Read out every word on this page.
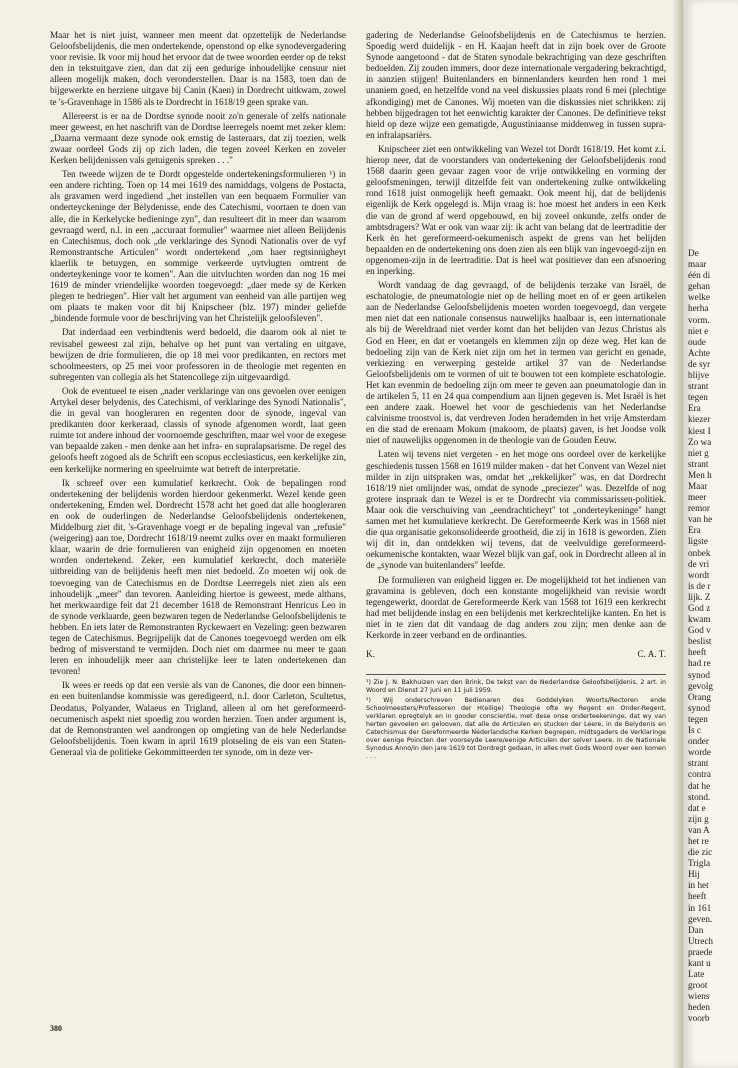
Maar het is niet juist, wanneer men meent dat opzettelijk de Nederlandse Geloofsbelijdenis, die men ondertekende, openstond op elke synodevergadering voor revisie. Ik voor mij houd het ervoor dat de twee woorden eerder op de tekst den in tekstuitgave zien, dan dat zij een gedurige inhoudelijke censuur niet alleen mogelijk maken, doch veronderstellen. Daar is na 1583, toen dan de bijgewerkte en herziene uitgave bij Canin (Kaen) in Dordrecht uitkwam, zowel te 's-Gravenhage in 1586 als te Dordrecht in 1618/19 geen sprake van.

Allereerst is er na de Dordtse synode nooit zo'n generale of zelfs nationale meer geweest, en het naschrift van de Dordtse leerregels noemt met zeker klem: „Daarna vermaant deze synode ook ernstig de lasteraars, dat zij toezien, welk zwaar oordeel Gods zij op zich laden, die tegen zoveel Kerken en zoveler Kerken belijdenissen vals getuigenis spreken . . ."

Ten tweede wijzen de te Dordt opgestelde ondertekeningsformulieren ¹) in een andere richting. Toen op 14 mei 1619 des namiddags, volgens de Postacta, als gravamen werd ingediend „het instellen van een bequaem Formulier van onderteyckeninge der Belydenisse, ende des Catechismi, voortaen te doen van alle, die in Kerkelycke bedieninge zyn", dan resulteert dit in meer dan waarom gevraagd werd, n.l. in een „accuraat formulier" waarmee niet alleen Belijdenis en Catechismus, doch ook „de verklaringe des Synodi Nationalis over de vyf Remonstrantsche Articulen" wordt ondertekend „om haer regtsinnigheyt klaerlik te betuygen, en sommige verkeerde uytvlugten omtrent de onderteykeninge voor te komen". Aan die uitvluchten worden dan nog 16 mei 1619 de minder vriendelijke woorden toegevoegd: „daer mede sy de Kerken plegen te bedriegen". Hier valt het argument van eenheid van alle partijen weg om plaats te maken voor dit bij Knipscheer (blz. 197) minder geliefde „bindende formule voor de beschrijving van het Christelijk geloofsleven".

Dat inderdaad een verbindtenis werd bedoeld, die daarom ook al niet te revisabel geweest zal zijn, behalve op het punt van vertaling en uitgave, bewijzen de drie formulieren, die op 18 mei voor predikanten, en rectors met schoolmeesters, op 25 mei voor professoren in de theologie met regenten en subregenten van collegia als het Statencollege zijn uitgevaardigd.

Ook de eventueel te eisen „nader verklaringe van ons gevoelen over eenigen Artykel deser belydenis, des Catechismi, of verklaringe des Synodi Nationalis", die in geval van hoogleraren en regenten door de synode, ingeval van predikanten door kerkeraad, classis of synode afgenomen wordt, laat geen ruimte tot andere inhoud der voornoemde geschriften, maar wel voor de exegese van bepaalde zaken - men denke aan het infra- en supralapsarisme. De regel des geloofs heeft zogoed als de Schrift een scopus ecclesiasticus, een kerkelijke zin, een kerkelijke normering en speelruimte wat betreft de interpretatie.

Ik schreef over een kumulatief kerkrecht. Ook de bepalingen rond ondertekening der belijdenis worden hierdoor gekenmerkt. Wezel kende geen ondertekening, Emden wel. Dordrecht 1578 acht het goed dat alle hoogleraren en ook de ouderlingen de Nederlandse Geloofsbelijdenis ondertekenen, Middelburg ziet dit, 's-Gravenhage voegt er de bepaling ingeval van „refusie" (weigering) aan toe, Dordrecht 1618/19 neemt zulks over en maakt formulieren klaar, waarin de drie formulieren van enigheid zijn opgenomen en moeten worden ondertekend. Zeker, een kumulatief kerkrecht, doch materiële uitbreiding van de belijdenis heeft men niet bedoeld. Zo moeten wij ook de toevoeging van de Catechismus en de Dordtse Leerregels niet zien als een inhoudelijk „meer" dan tevoren. Aanleiding hiertoe is geweest, mede althans, het merkwaardige feit dat 21 december 1618 de Remonstrant Henricus Leo in de synode verklaarde, geen bezwaren tegen de Nederlandse Geloofsbelijdenis te hebben. En iets later de Remonstranten Ryckewaert en Vezeling: geen bezwaren tegen de Catechismus. Begrijpelijk dat de Canones toegevoegd werden om elk bedrog of misverstand te vermijden. Doch niet om daarmee nu meer te gaan leren en inhoudelijk meer aan christelijke leer te laten ondertekenen dan tevoren!

Ik wees er reeds op dat een versie als van de Canones, die door een binnen- en een buitenlandse kommissie was geredigeerd, n.l. door Carleton, Scultetus, Deodatus, Polyander, Walaeus en Trigland, alleen al om het gereformeerd-oecumenisch aspekt niet spoedig zou worden herzien. Toen ander argument is, dat de Remonstranten wel aandrongen op omgieting van de hele Nederlandse Geloofsbelijdenis. Toen kwam in april 1619 plotseling de eis van een Staten-Generaal via de politieke Gekommitteerden ter synode, om in deze ver-

gadering de Nederlandse Geloofsbelijdenis en de Catechismus te herzien. Spoedig werd duidelijk - en H. Kaajan heeft dat in zijn boek over de Groote Synode aangetoond - dat de Staten synodale bekrachtiging van deze geschriften bedoelden. Zij zouden immers, door deze internationale vergadering bekrachtigd, in aanzien stijgen! Buitenlanders en binnenlanders keurden hen rond 1 mei unaniem goed, en hetzelfde vond na veel diskussies plaats rond 6 mei (plechtige afkondiging) met de Canones. Wij moeten van die diskussies niet schrikken: zij hebben bijgedragen tot het eenwichtig karakter der Canones. De definitieve tekst hield op deze wijze een gematigde, Augustiniaanse middenweg in tussen supra- en infralapsariërs.

Knipscheer ziet een ontwikkeling van Wezel tot Dordt 1618/19. Het komt z.i. hierop neer, dat de voorstanders van ondertekening der Geloofsbelijdenis rond 1568 daarin geen gevaar zagen voor de vrije ontwikkeling en vorming der geloofsmeningen, terwijl ditzelfde feit van ondertekening zulke ontwikkeling rond 1618 juist onmogelijk heeft gemaakt. Ook meent hij, dat de belijdenis eigenlijk de Kerk opgelegd is. Mijn vraag is: hoe moest het anders in een Kerk die van de grond af werd opgebouwd, en bij zoveel onkunde, zelfs onder de ambtsdragers? Wat er ook van waar zij: ik acht van belang dat de leertraditie der Kerk èn het gereformeerd-oekumenisch aspekt de grens van het belijden bepaalden en de ondertekening ons doen zien als een blijk van ingevoegd-zijn en opgenomen-zijn in de leertraditie. Dat is heel wat positiever dan een afsnoering en inperking.

Wordt vandaag de dag gevraagd, of de belijdenis terzake van Israël, de eschatologie, de pneumatologie niet op de helling moet en of er geen artikelen aan de Nederlandse Geloofsbelijdenis moeten worden toegevoegd, dan vergete men niet dat een nationale consensus nauwelijks haalbaar is, een internationale als bij de Wereldraad niet verder komt dan het belijden van Jezus Christus als God en Heer, en dat er voetangels en klemmen zijn op deze weg. Het kan de bedoeling zijn van de Kerk niet zijn om het in termen van gericht en genade, verkiezing en verwerping gestelde artikel 37 van de Nederlandse Geloofsbelijdenis om te vormen of uit te bouwen tot een komplete eschatologie. Het kan evenmin de bedoeling zijn om meer te geven aan pneumatologie dan in de artikelen 5, 11 en 24 qua compendium aan lijnen gegeven is. Met Israël is het een andere zaak. Hoewel het voor de geschiedenis van het Nederlandse calvinisme troostvol is, dat verdreven Joden herademden in het vrije Amsterdam en die stad de erenaam Mokum (makoom, de plaats) gaven, is het Joodse volk niet of nauwelijks opgenomen in de theologie van de Gouden Eeuw.

Laten wij tevens niet vergeten - en het moge ons oordeel over de kerkelijke geschiedenis tussen 1568 en 1619 milder maken - dat het Convent van Wezel niet milder in zijn uitspraken was, omdat het „rekkelijker" was, en dat Dordrecht 1618/19 niet omlijnder was, omdat de synode „preciezer" was. Dezelfde of nog grotere inspraak dan te Wezel is er te Dordrecht via commissarissen-politiek. Maar ook die verschuiving van „eendrachticheyt" tot „onderteykeninge" hangt samen met het kumulatieve kerkrecht. De Gereformeerde Kerk was in 1568 niet die qua organisatie gekonsolideerde grootheid, die zij in 1618 is geworden. Zien wij dit in, dan ontdekken wij tevens, dat de veelvuldige gereformeerd-oekumenische kontakten, waar Wezel blijk van gaf, ook in Dordrecht alleen al in de „synode van buitenlanders" leefde.

De formulieren van enigheid liggen er. De mogelijkheid tot het indienen van gravamina is gebleven, doch een konstante mogelijkheid van revisie wordt tegengewerkt, doordat de Gereformeerde Kerk van 1568 tot 1619 een kerkrecht had met belijdende inslag en een belijdenis met kerkrechtelijke kanten. En het is niet in te zien dat dit vandaag de dag anders zou zijn; men denke aan de Kerkorde in zeer verband en de ordinanties.

K.	C. A. T.

¹) Zie J. N. Bakhuizen van den Brink, De tekst van de Nederlandse Geloofsbelijdenis, 2 art. in Woord en Dienst 27 juni en 11 juli 1959.

²) Wij onderschreven Bedienaren des Goddelyken Woorts/Rectoren ende Schoolmeesters/Professoren der H(eilige) Theologie ofte wy Regent en Onder-Regent, verklaren opregtelyk en in gooder conscientie, met dese onse onderteekeninge, dat wy van herten gevoelen en gelooven, dat alle de Articulen en stucken der Leere, in de Belydenis en Catechismus der Gereformeerde Nederlandsche Kerken begrepen, midtsgaders de Verklaringe over eenige Poincten der voorseyde Leere/eenige Articulen der selver Leere, in de Nationale Synodus Anno/in den jare 1619 tot Dordregt gedaan, in alles met Gods Woord over een komen . . .

380
De
maar
één di
gehan
welke
herha
vorm.
niet e
oude
Achte
de syr
blijve
strant
tegen
Era
kiezer
kiest I
Zo wa
niet g
strant
Men h
Maar
meer
remor
van he
Era
ligste
onbek
de vri
wordt
is de r
lijk. Z
God z
kwam
God v
beslist
heeft
had re
synod
gevolg
Orang
synod
tegen
Is c
onder
worde
strant
contra
dat he
stond.
dat e
zijn g
van A
het re
die zic
Trigla
Hij
in het
heeft
in 161
geven.
Dan
Utrech
praede
kant u
Late
groot
wiens
heden
voorb
